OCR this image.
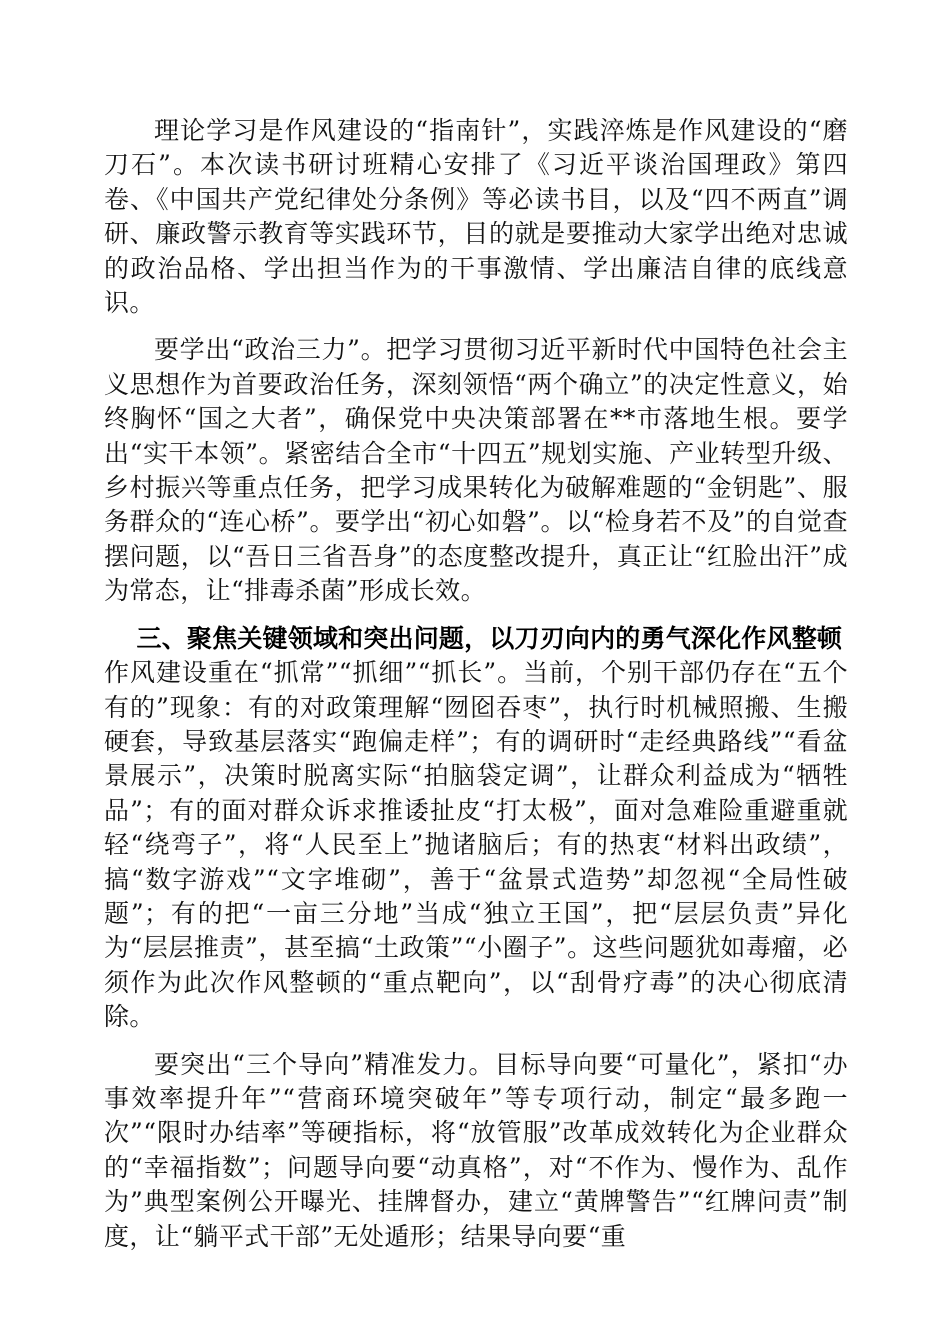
理论学习是作风建设的“指南针”，实践淬炼是作风建设的“磨刀石”。本次读书研讨班精心安排了《习近平谈治国理政》第四卷、《中国共产党纪律处分条例》等必读书目，以及“四不两直”调研、廉政警示教育等实践环节，目的就是要推动大家学出绝对忠诚的政治品格、学出担当作为的干事激情、学出廉洁自律的底线意识。

要学出“政治三力”。把学习贯彻习近平新时代中国特色社会主义思想作为首要政治任务，深刻领悟“两个确立”的决定性意义，始终胸怀“国之大者”，确保党中央决策部署在**市落地生根。要学出“实干本领”。紧密结合全市“十四五”规划实施、产业转型升级、乡村振兴等重点任务，把学习成果转化为破解难题的“金钥匙”、服务群众的“连心桥”。要学出“初心如磐”。以“检身若不及”的自觉查摆问题，以“吾日三省吾身”的态度整改提升，真正让“红脸出汗”成为常态，让“排毒杀菌”形成长效。

三、聚焦关键领域和突出问题，以刀刃向内的勇气深化作风整顿

作风建设重在“抓常”“抓细”“抓长”。当前，个别干部仍存在“五个有的”现象：有的对政策理解“囫囵吞枣”，执行时机械照搬、生搬硬套，导致基层落实“跑偏走样”；有的调研时“走经典路线”“看盆景展示”，决策时脱离实际“拍脑袋定调”，让群众利益成为“牺牲品”；有的面对群众诉求推诿扯皮“打太极”，面对急难险重避重就轻“绕弯子”，将“人民至上”抛诸脑后；有的热衷“材料出政绩”，搞“数字游戏”“文字堆砌”，善于“盆景式造势”却忽视“全局性破题”；有的把“一亩三分地”当成“独立王国”，把“层层负责”异化为“层层推责”，甚至搞“土政策”“小圈子”。这些问题犹如毒瘤，必须作为此次作风整顿的“重点靶向”，以“刮骨疗毒”的决心彻底清除。

要突出“三个导向”精准发力。目标导向要“可量化”，紧扣“办事效率提升年”“营商环境突破年”等专项行动，制定“最多跑一次”“限时办结率”等硬指标，将“放管服”改革成效转化为企业群众的“幸福指数”；问题导向要“动真格”，对“不作为、慢作为、乱作为”典型案例公开曝光、挂牌督办，建立“黄牌警告”“红牌问责”制度，让“躺平式干部”无处遁形；结果导向要“重
